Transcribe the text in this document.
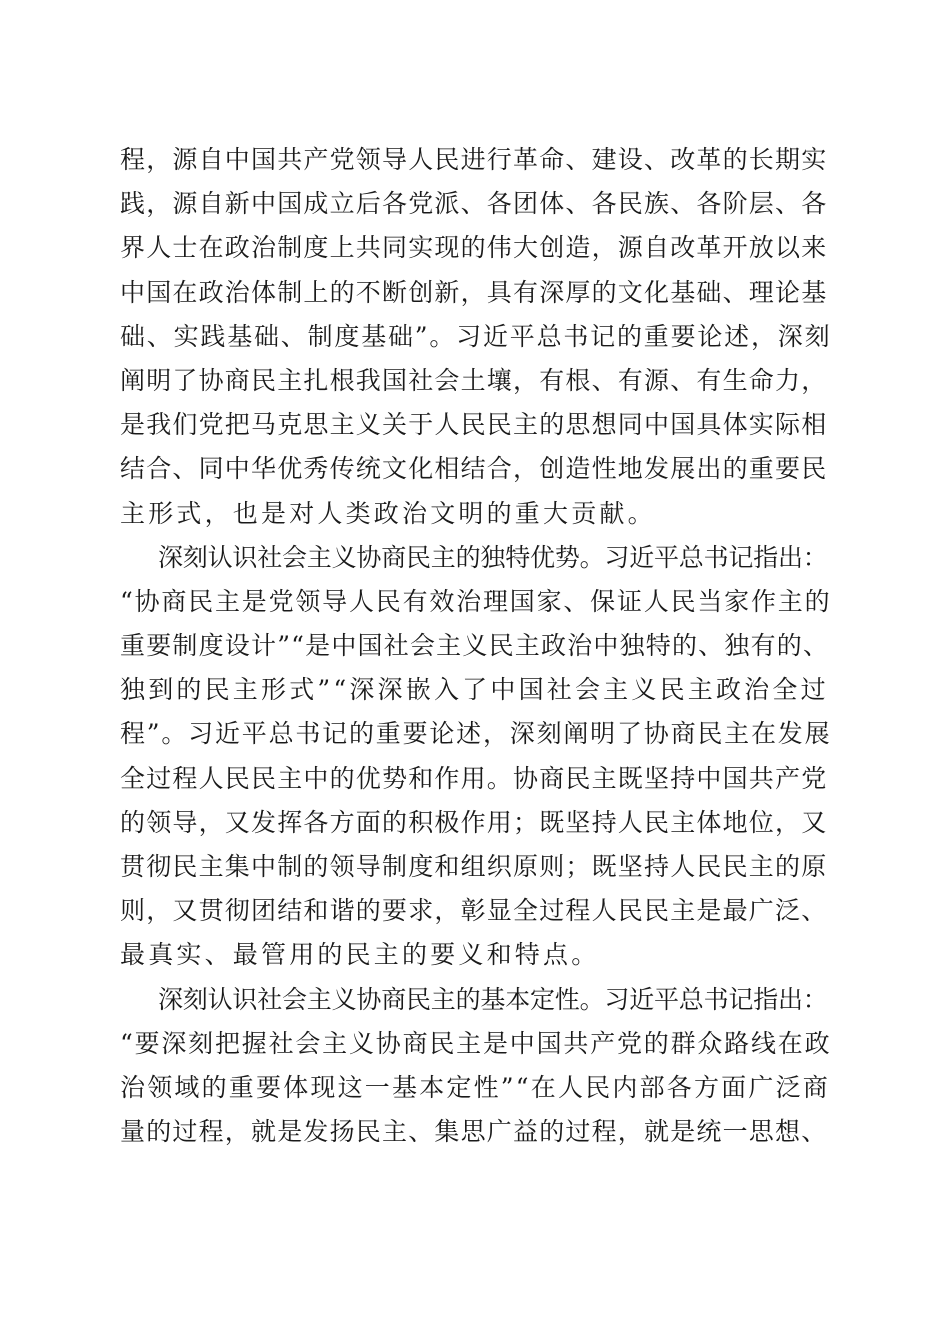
程，源自中国共产党领导人民进行革命、建设、改革的长期实
践，源自新中国成立后各党派、各团体、各民族、各阶层、各
界人士在政治制度上共同实现的伟大创造，源自改革开放以来
中国在政治体制上的不断创新，具有深厚的文化基础、理论基
础、实践基础、制度基础”。习近平总书记的重要论述，深刻
阐明了协商民主扎根我国社会土壤，有根、有源、有生命力，
是我们党把马克思主义关于人民民主的思想同中国具体实际相
结合、同中华优秀传统文化相结合，创造性地发展出的重要民
主形式，也是对人类政治文明的重大贡献。
深刻认识社会主义协商民主的独特优势。习近平总书记指出：
“协商民主是党领导人民有效治理国家、保证人民当家作主的
重要制度设计”“是中国社会主义民主政治中独特的、独有的、
独到的民主形式”“深深嵌入了中国社会主义民主政治全过
程”。习近平总书记的重要论述，深刻阐明了协商民主在发展
全过程人民民主中的优势和作用。协商民主既坚持中国共产党
的领导，又发挥各方面的积极作用；既坚持人民主体地位，又
贯彻民主集中制的领导制度和组织原则；既坚持人民民主的原
则，又贯彻团结和谐的要求，彰显全过程人民民主是最广泛、
最真实、最管用的民主的要义和特点。
深刻认识社会主义协商民主的基本定性。习近平总书记指出：
“要深刻把握社会主义协商民主是中国共产党的群众路线在政
治领域的重要体现这一基本定性”“在人民内部各方面广泛商
量的过程，就是发扬民主、集思广益的过程，就是统一思想、
